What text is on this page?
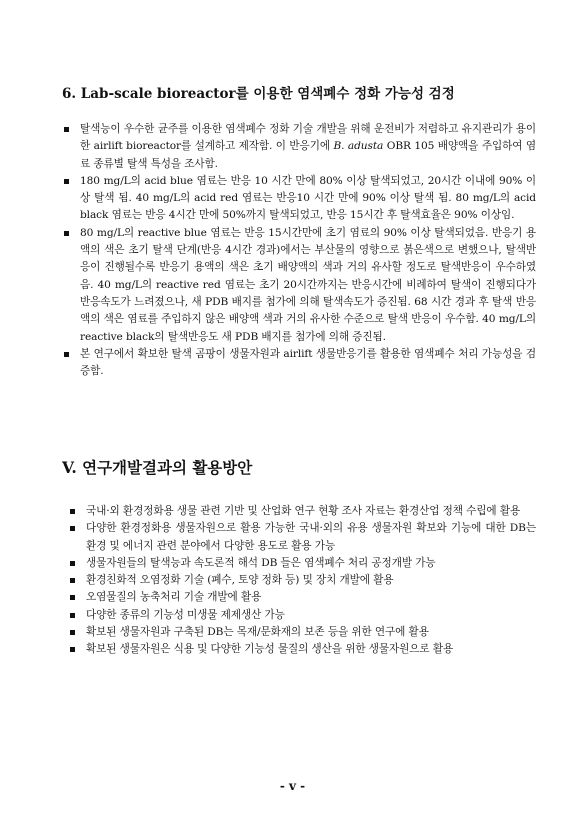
6. Lab-scale bioreactor를 이용한 염색폐수 정화 가능성 검정
탈색능이 우수한 균주를 이용한 염색폐수 정화 기술 개발을 위해 운전비가 저렴하고 유지관리가 용이한 airlift bioreactor를 설계하고 제작함. 이 반응기에 B. adusta OBR 105 배양액을 주입하여 염료 종류별 탈색 특성을 조사함.
180 mg/L의 acid blue 염료는 반응 10 시간 만에 80% 이상 탈색되었고, 20시간 이내에 90% 이상 탈색 됨. 40 mg/L의 acid red 염료는 반응10 시간 만에 90% 이상 탈색 됨. 80 mg/L의 acid black 염료는 반응 4시간 만에 50%까지 탈색되었고, 반응 15시간 후 탈색효율은 90% 이상임.
80 mg/L의 reactive blue 염료는 반응 15시간만에 초기 염료의 90% 이상 탈색되었음. 반응기 용액의 색은 초기 탈색 단계(반응 4시간 경과)에서는 부산물의 영향으로 붉은색으로 변했으나, 탈색반응이 진행될수록 반응기 용액의 색은 초기 배양액의 색과 거의 유사할 정도로 탈색반응이 우수하였음. 40 mg/L의 reactive red 염료는 초기 20시간까지는 반응시간에 비례하여 탈색이 진행되다가 반응속도가 느려졌으나, 새 PDB 배지를 첨가에 의해 탈색속도가 증진됨. 68 시간 경과 후 탈색 반응액의 색은 염료를 주입하지 않은 배양액 색과 거의 유사한 수준으로 탈색 반응이 우수함. 40 mg/L의 reactive black의 탈색반응도 새 PDB 배지를 첨가에 의해 증진됨.
본 연구에서 확보한 탈색 곰팡이 생물자원과 airlift 생물반응기를 활용한 염색폐수 처리 가능성을 검증함.
V. 연구개발결과의 활용방안
국내·외 환경정화용 생물 관련 기반 및 산업화 연구 현황 조사 자료는 환경산업 정책 수립에 활용
다양한 환경정화용 생물자원으로 활용 가능한 국내·외의 유용 생물자원 확보와 기능에 대한 DB는 환경 및 에너지 관련 분야에서 다양한 용도로 활용 가능
생물자원들의 탈색능과 속도론적 해석 DB 들은 염색폐수 처리 공정개발 가능
환경친화적 오염정화 기술 (폐수, 토양 정화 등) 및 장치 개발에 활용
오염물질의 농축처리 기술 개발에 활용
다양한 종류의 기능성 미생물 제제생산 가능
확보된 생물자원과 구축된 DB는 목재/문화재의 보존 등을 위한 연구에 활용
확보된 생물자원은 식용 및 다양한 기능성 물질의 생산을 위한 생물자원으로 활용

- v -
